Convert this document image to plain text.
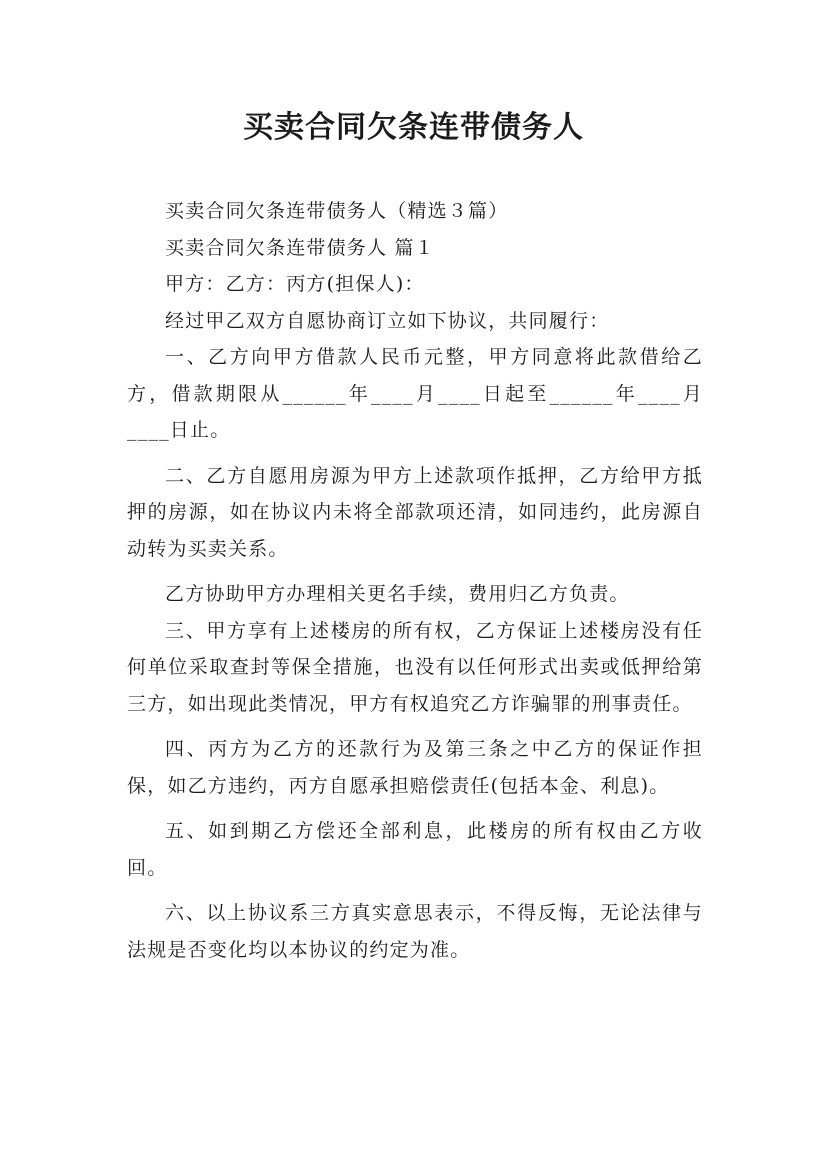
买卖合同欠条连带债务人

买卖合同欠条连带债务人（精选３篇）

买卖合同欠条连带债务人 篇１

甲方：乙方：丙方(担保人)：

经过甲乙双方自愿协商订立如下协议，共同履行：

一、乙方向甲方借款人民币元整，甲方同意将此款借给乙方，借款期限从______年____月____日起至______年____月____日止。

二、乙方自愿用房源为甲方上述款项作抵押，乙方给甲方抵押的房源，如在协议内未将全部款项还清，如同违约，此房源自动转为买卖关系。

乙方协助甲方办理相关更名手续，费用归乙方负责。

三、甲方享有上述楼房的所有权，乙方保证上述楼房没有任何单位采取查封等保全措施，也没有以任何形式出卖或低押给第三方，如出现此类情况，甲方有权追究乙方诈骗罪的刑事责任。

四、丙方为乙方的还款行为及第三条之中乙方的保证作担保，如乙方违约，丙方自愿承担赔偿责任(包括本金、利息)。

五、如到期乙方偿还全部利息，此楼房的所有权由乙方收回。

六、以上协议系三方真实意思表示，不得反悔，无论法律与法规是否变化均以本协议的约定为准。
